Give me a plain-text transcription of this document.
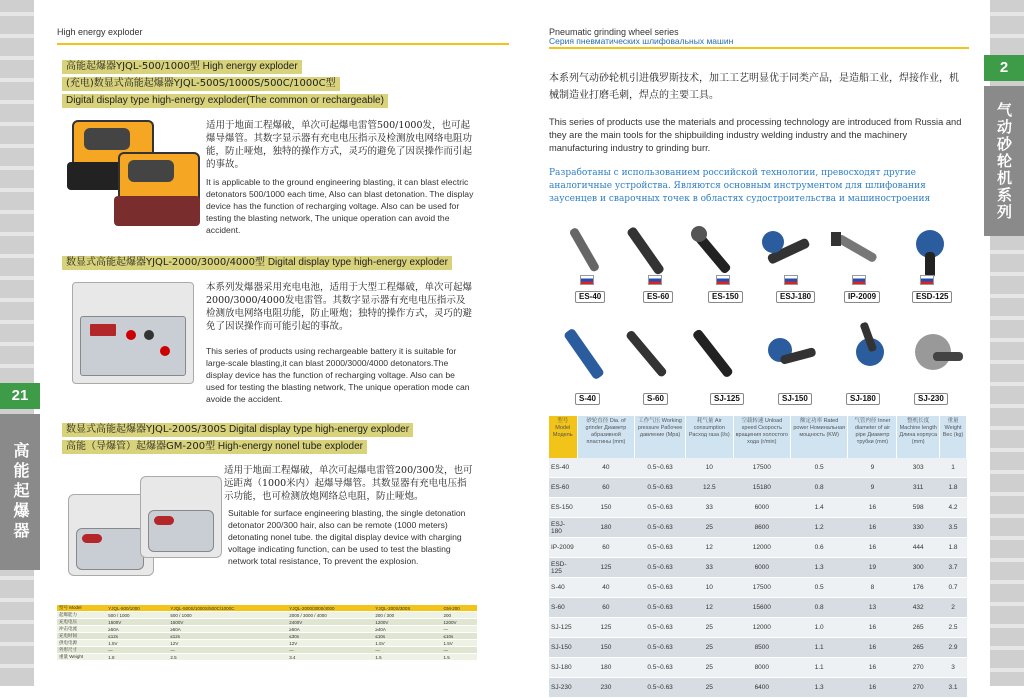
21
高能起爆器
2
气动砂轮机系列
High energy exploder
高能起爆器YJQL-500/1000型 High energy exploder
(充电)数显式高能起爆器YJQL-500S/1000S/500C/1000C型
Digital display type high-energy exploder(The common or rechargeable)
适用于地面工程爆破，单次可起爆电雷管500/1000发，也可起爆导爆管。其数字显示器有充电电压指示及检测放电网络电阻功能，防止哑炮，独特的操作方式，灵巧的避免了因误操作而引起的事故。
It is applicable to the ground engineering blasting, it can blast electric detonators 500/1000 each time, Also can blast detonation. The display device has the function of recharging voltage. Also can be used for testing the blasting network, The unique operation can avoid the accident.
数显式高能起爆器YJQL-2000/3000/4000型 Digital display type high-energy exploder
本系列发爆器采用充电电池，适用于大型工程爆破，单次可起爆2000/3000/4000发电雷管。其数字显示器有充电电压指示及检测放电网络电阻功能，防止哑炮；独特的操作方式，灵巧的避免了因误操作而可能引起的事故。
This series of products using rechargeable battery it is suitable for large-scale blasting,it can blast 2000/3000/4000 detonators.The display device has the function of recharging voltage. Also can be used for testing the blasting network, The unique operation mode can avoide the accident.
数显式高能起爆器YJQL-200S/300S Digital display type high-energy exploder
高能（导爆管）起爆器GM-200型 High-energy nonel tube exploder
适用于地面工程爆破，单次可起爆电雷管200/300发，也可远距离（1000米内）起爆导爆管。其数显器有充电电压指示功能，也可检测放炮网络总电阻，防止哑炮。
Suitable for surface engineering blasting, the single detonation detonator 200/300 hair, also can be remote (1000 meters) detonating nonel tube. the digital display device with charging voltage indicating function, can be used to test the blasting network total resistance, To prevent the explosion.
型号 Model	YJQL-500/1000	YJQL-500S/1000S/500C/1000C	YJQL-2000/3000/4000	YJQL-200S/300S	GM-200
起爆能力	500 / 1000	500 / 1000	2000 / 3000 / 4000	200 / 300	200
充电电压	1500V	1500V	2400V	1200V	1200V
冲击电流	≥50A	≥50A	≥50A	≥40A	—
充电时间	≤12s	≤12s	≤30s	≤10s	≤10s
供电电源	1.5V	12V	12V	1.5V	1.5V
外形尺寸	—	—	—	—	—
重量 Weight	1.8	2.5	3.4	1.5	1.5
Pneumatic grinding wheel series
Серия пневматических шлифовальных машин
本系列气动砂轮机引进俄罗斯技术，加工工艺明显优于同类产品，是造船工业，焊接作业，机械制造业打磨毛刺，焊点的主要工具。
This series of products use the materials and processing technology are introduced from Russia and they are the main tools for the shipbuilding industry welding industry and the machinery manufacturing industry to grinding burr.
Разработаны с использованием российской технологии, превосходят другие аналогичные устройства. Являются основным инструментом для шлифования заусенцев и сварочных точек в областях судостроительства и машиностроения
ES-40	ES-60	ES-150	ESJ-180	IP-2009	ESD-125
S-40	S-60	SJ-125	SJ-150	SJ-180	SJ-230
型号 Model Модель	砂轮直径 Dia. of grinder Диаметр абразивной пластины (mm)	工作气压 Working pressure Рабочее давление (Mpa)	耗气量 Air consumption Расход газа (l/s)	空载转速 Unload speed Скорость вращения холостого хода (r/min)	额定功率 Rated power Номинальная мощность (KW)	气管内径 Inner diameter of air pipe Диаметр трубки (mm)	整机长度 Machine length Длина корпуса (mm)	重量 Weight Вес (kg)
ES-40	40	0.5~0.63	10	17500	0.5	9	303	1
ES-60	60	0.5~0.63	12.5	15180	0.8	9	311	1.8
ES-150	150	0.5~0.63	33	6000	1.4	16	598	4.2
ESJ-180	180	0.5~0.63	25	8600	1.2	16	330	3.5
IP-2009	60	0.5~0.63	12	12000	0.6	16	444	1.8
ESD-125	125	0.5~0.63	33	6000	1.3	19	300	3.7
S-40	40	0.5~0.63	10	17500	0.5	8	176	0.7
S-60	60	0.5~0.63	12	15600	0.8	13	432	2
SJ-125	125	0.5~0.63	25	12000	1.0	16	265	2.5
SJ-150	150	0.5~0.63	25	8500	1.1	16	265	2.9
SJ-180	180	0.5~0.63	25	8000	1.1	16	270	3
SJ-230	230	0.5~0.63	25	6400	1.3	16	270	3.1
